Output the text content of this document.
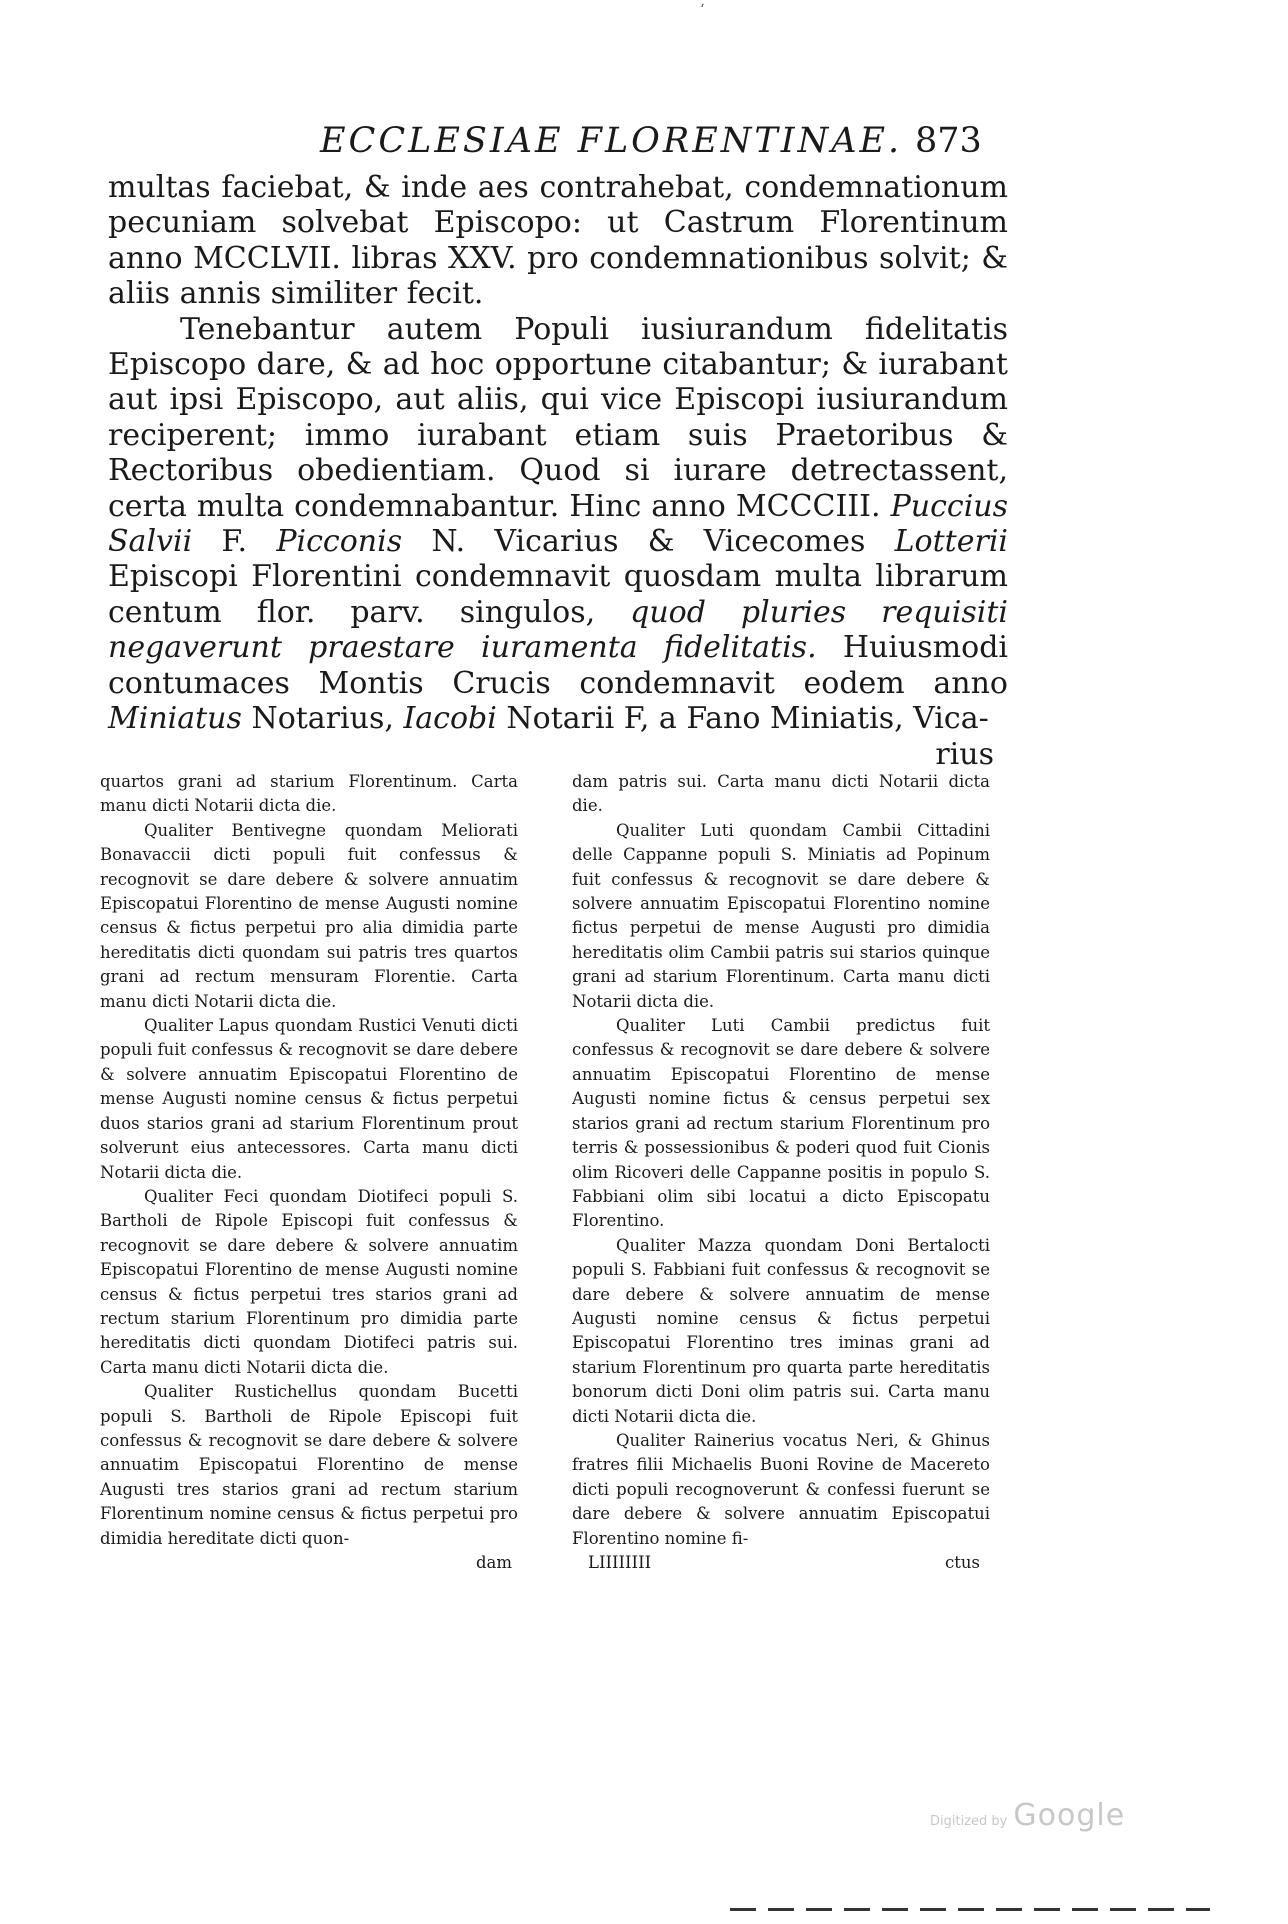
‘
ECCLESIAE FLORENTINAE. 873

multas faciebat, & inde aes contrahebat, condemnationum pecuniam solvebat Episcopo: ut Castrum Florentinum anno MCCLVII. libras XXV. pro condemnationibus solvit; & aliis annis similiter fecit.

Tenebantur autem Populi iusiurandum fidelitatis Episcopo dare, & ad hoc opportune citabantur; & iurabant aut ipsi Episcopo, aut aliis, qui vice Episcopi iusiurandum reciperent; immo iurabant etiam suis Praetoribus & Rectoribus obedientiam. Quod si iurare detrectassent, certa multa condemnabantur. Hinc anno MCCCIII. Puccius Salvii F. Picconis N. Vicarius & Vicecomes Lotterii Episcopi Florentini condemnavit quosdam multa librarum centum flor. parv. singulos, quod pluries requisiti negaverunt praestare iuramenta fidelitatis. Huiusmodi contumaces Montis Crucis condemnavit eodem anno Miniatus Notarius, Iacobi Notarii F, a Fano Miniatis, Vica-

rius

quartos grani ad starium Florentinum. Carta manu dicti Notarii dicta die.

Qualiter Bentivegne quondam Meliorati Bonavaccii dicti populi fuit confessus & recognovit se dare debere & solvere annuatim Episcopatui Florentino de mense Augusti nomine census & fictus perpetui pro alia dimidia parte hereditatis dicti quondam sui patris tres quartos grani ad rectum mensuram Florentie. Carta manu dicti Notarii dicta die.

Qualiter Lapus quondam Rustici Venuti dicti populi fuit confessus & recognovit se dare debere & solvere annuatim Episcopatui Florentino de mense Augusti nomine census & fictus perpetui duos starios grani ad starium Florentinum prout solverunt eius antecessores. Carta manu dicti Notarii dicta die.

Qualiter Feci quondam Diotifeci populi S. Bartholi de Ripole Episcopi fuit confessus & recognovit se dare debere & solvere annuatim Episcopatui Florentino de mense Augusti nomine census & fictus perpetui tres starios grani ad rectum starium Florentinum pro dimidia parte hereditatis dicti quondam Diotifeci patris sui. Carta manu dicti Notarii dicta die.

Qualiter Rustichellus quondam Bucetti populi S. Bartholi de Ripole Episcopi fuit confessus & recognovit se dare debere & solvere annuatim Episcopatui Florentino de mense Augusti tres starios grani ad rectum starium Florentinum nomine census & fictus perpetui pro dimidia hereditate dicti quon-

dam

dam patris sui. Carta manu dicti Notarii dicta die.

Qualiter Luti quondam Cambii Cittadini delle Cappanne populi S. Miniatis ad Popinum fuit confessus & recognovit se dare debere & solvere annuatim Episcopatui Florentino nomine fictus perpetui de mense Augusti pro dimidia hereditatis olim Cambii patris sui starios quinque grani ad starium Florentinum. Carta manu dicti Notarii dicta die.

Qualiter Luti Cambii predictus fuit confessus & recognovit se dare debere & solvere annuatim Episcopatui Florentino de mense Augusti nomine fictus & census perpetui sex starios grani ad rectum starium Florentinum pro terris & possessionibus & poderi quod fuit Cionis olim Ricoveri delle Cappanne positis in populo S. Fabbiani olim sibi locatui a dicto Episcopatu Florentino.

Qualiter Mazza quondam Doni Bertalocti populi S. Fabbiani fuit confessus & recognovit se dare debere & solvere annuatim de mense Augusti nomine census & fictus perpetui Episcopatui Florentino tres iminas grani ad starium Florentinum pro quarta parte hereditatis bonorum dicti Doni olim patris sui. Carta manu dicti Notarii dicta die.

Qualiter Rainerius vocatus Neri, & Ghinus fratres filii Michaelis Buoni Rovine de Macereto dicti populi recognoverunt & confessi fuerunt se dare debere & solvere annuatim Episcopatui Florentino nomine fi-

LIIIIIIII	ctus
Digitized by Google
